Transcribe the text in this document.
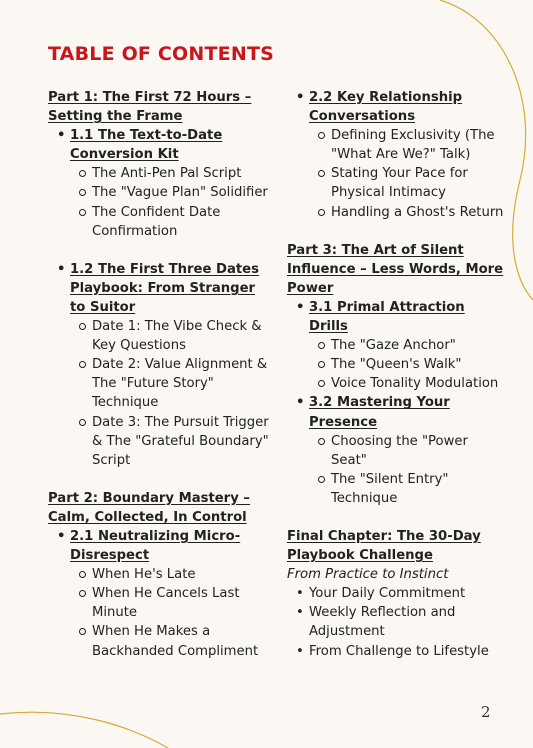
TABLE OF CONTENTS

Part 1: The First 72 Hours – Setting the Frame

• 1.1 The Text-to-Date Conversion Kit
The Anti-Pen Pal Script
The "Vague Plan" Solidifier
The Confident Date Confirmation
• 1.2 The First Three Dates Playbook: From Stranger to Suitor
Date 1: The Vibe Check & Key Questions
Date 2: Value Alignment & The "Future Story" Technique
Date 3: The Pursuit Trigger & The "Grateful Boundary" Script

Part 2: Boundary Mastery – Calm, Collected, In Control

• 2.1 Neutralizing Micro-Disrespect
When He's Late
When He Cancels Last Minute
When He Makes a Backhanded Compliment
• 2.2 Key Relationship Conversations
Defining Exclusivity (The "What Are We?" Talk)
Stating Your Pace for Physical Intimacy
Handling a Ghost's Return

Part 3: The Art of Silent Influence – Less Words, More Power

• 3.1 Primal Attraction Drills
The "Gaze Anchor"
The "Queen's Walk"
Voice Tonality Modulation
• 3.2 Mastering Your Presence
Choosing the "Power Seat"
The "Silent Entry" Technique

Final Chapter: The 30-Day Playbook Challenge

From Practice to Instinct

• Your Daily Commitment
• Weekly Reflection and Adjustment
• From Challenge to Lifestyle
2
